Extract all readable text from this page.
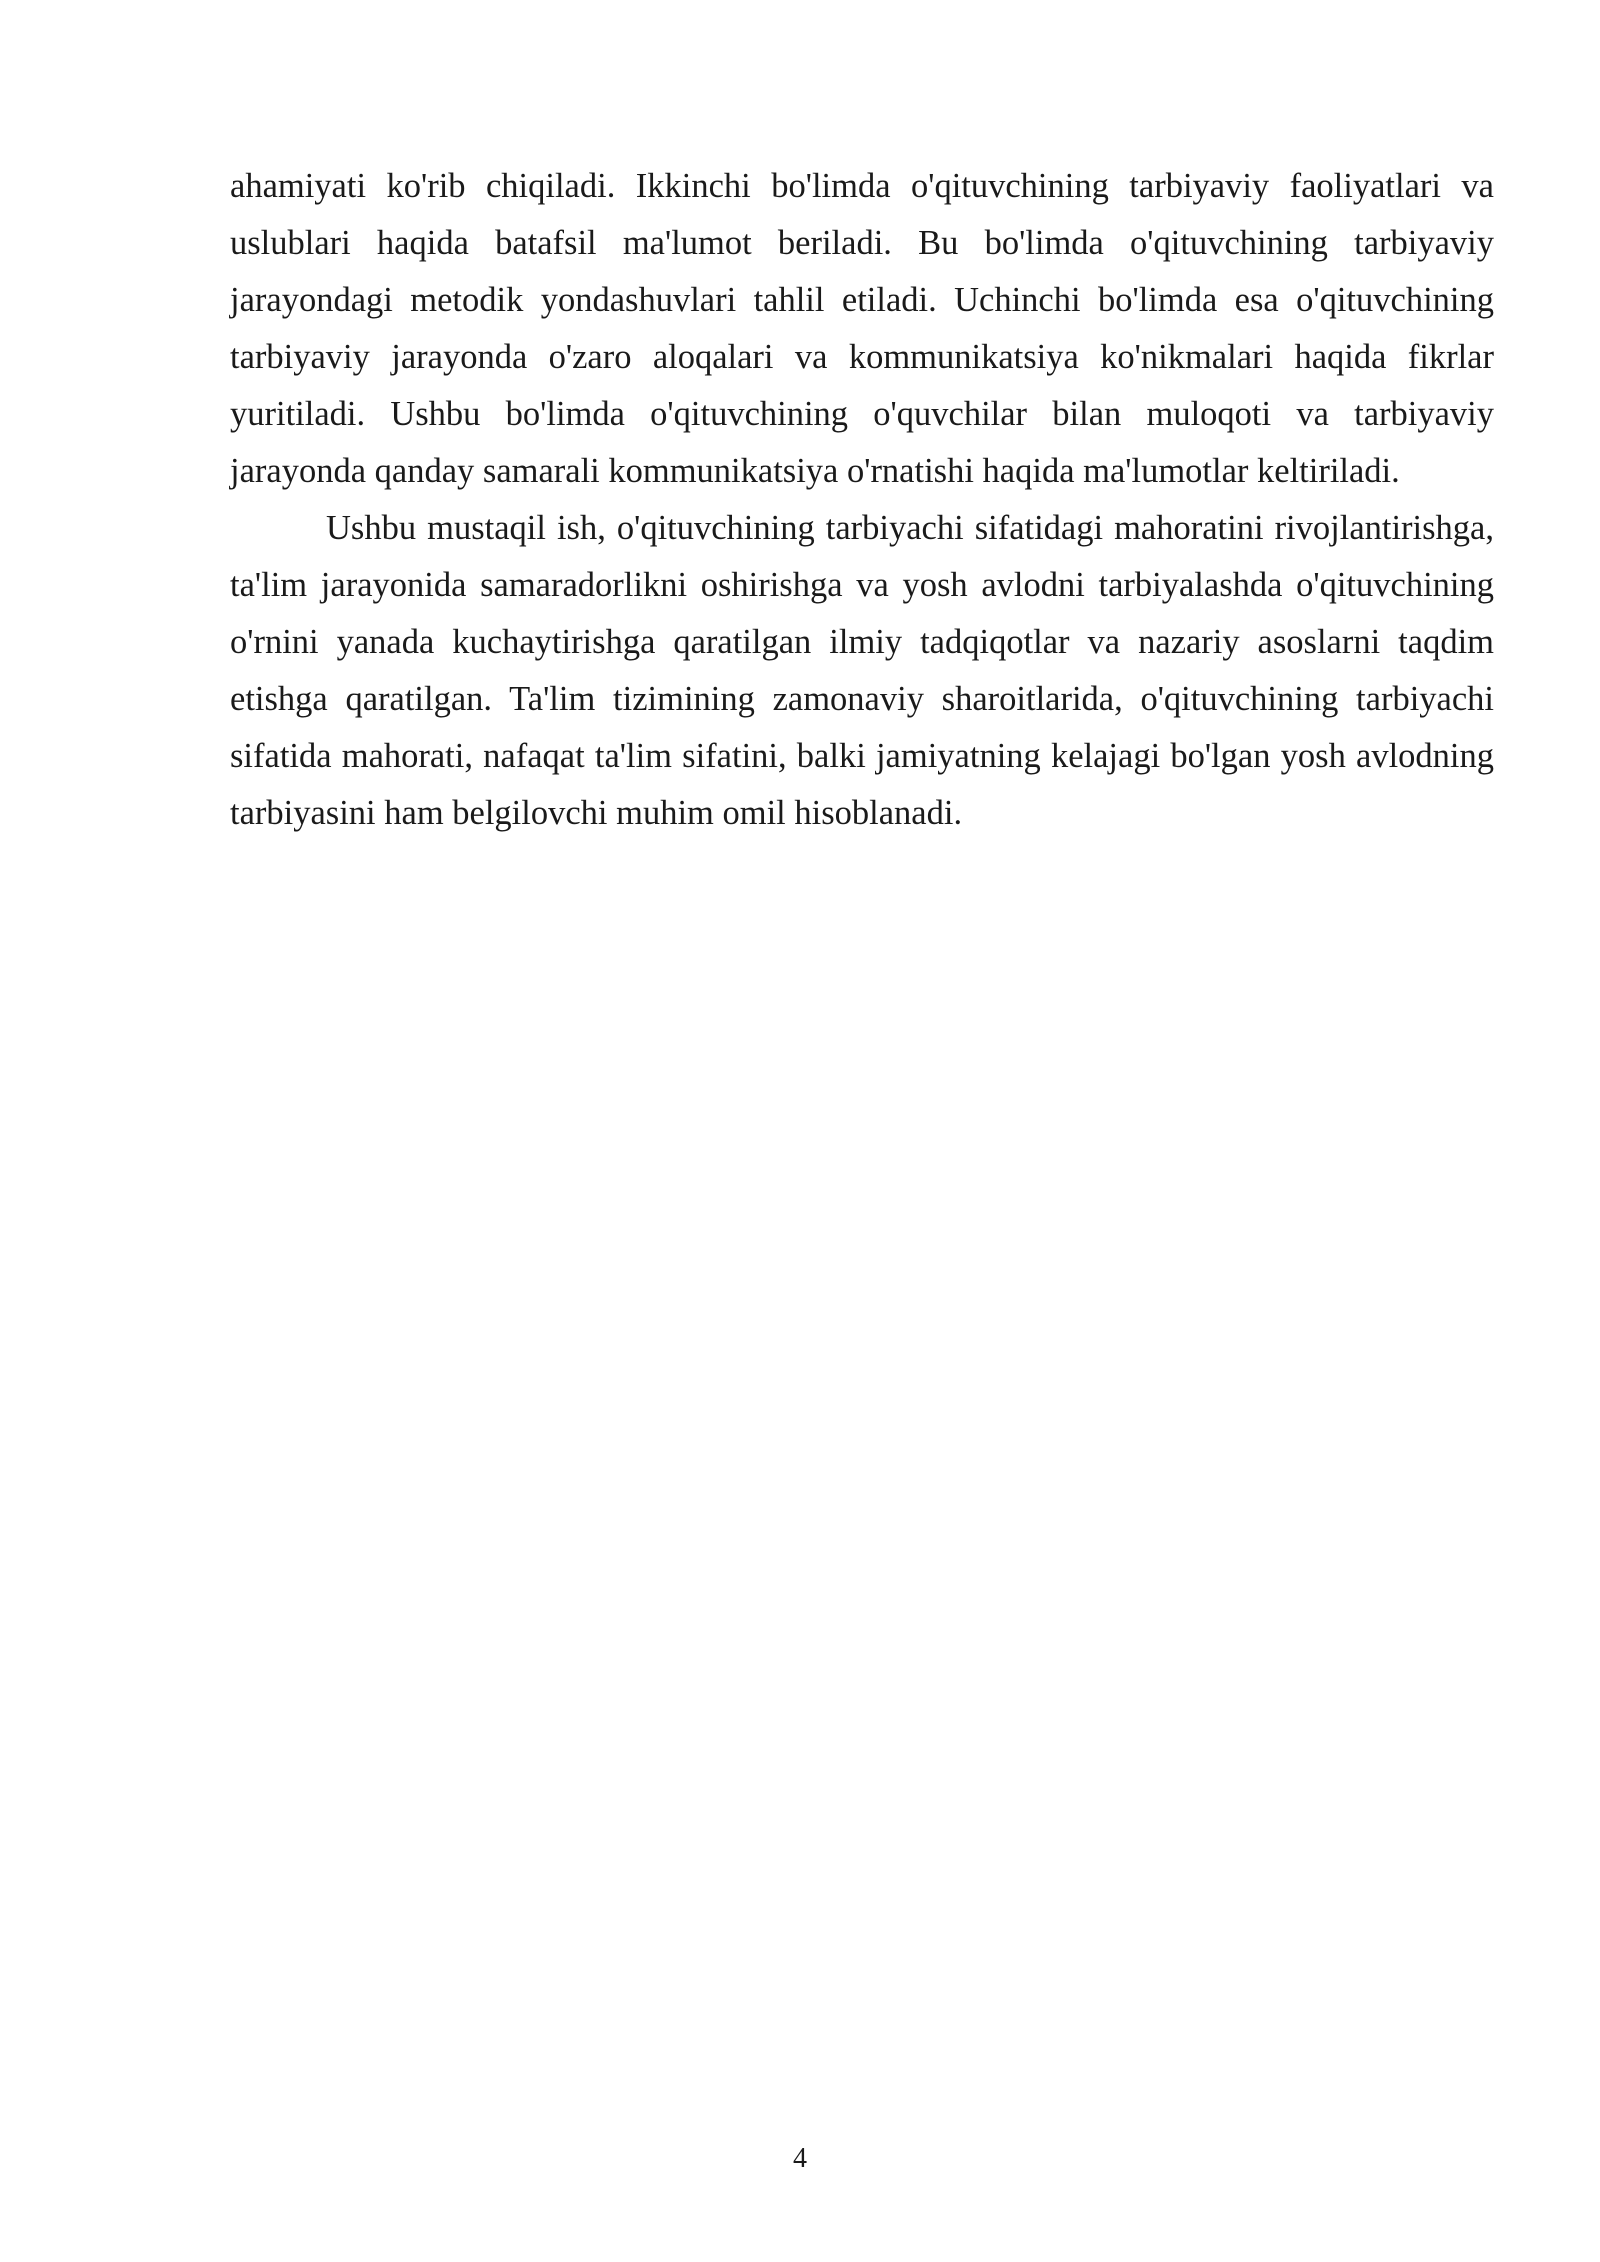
ahamiyati ko'rib chiqiladi. Ikkinchi bo'limda o'qituvchining tarbiyaviy faoliyatlari va uslublari haqida batafsil ma'lumot beriladi. Bu bo'limda o'qituvchining tarbiyaviy jarayondagi metodik yondashuvlari tahlil etiladi. Uchinchi bo'limda esa o'qituvchining tarbiyaviy jarayonda o'zaro aloqalari va kommunikatsiya ko'nikmalari haqida fikrlar yuritiladi. Ushbu bo'limda o'qituvchining o'quvchilar bilan muloqoti va tarbiyaviy jarayonda qanday samarali kommunikatsiya o'rnatishi haqida ma'lumotlar keltiriladi.

Ushbu mustaqil ish, o'qituvchining tarbiyachi sifatidagi mahoratini rivojlantirishga, ta'lim jarayonida samaradorlikni oshirishga va yosh avlodni tarbiyalashda o'qituvchining o'rnini yanada kuchaytirishga qaratilgan ilmiy tadqiqotlar va nazariy asoslarni taqdim etishga qaratilgan. Ta'lim tizimining zamonaviy sharoitlarida, o'qituvchining tarbiyachi sifatida mahorati, nafaqat ta'lim sifatini, balki jamiyatning kelajagi bo'lgan yosh avlodning tarbiyasini ham belgilovchi muhim omil hisoblanadi.

4
